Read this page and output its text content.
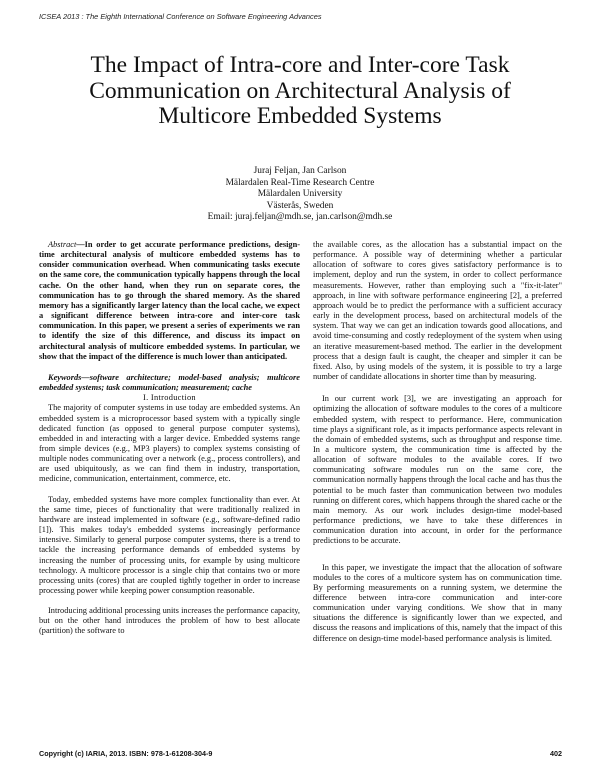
ICSEA 2013 : The Eighth International Conference on Software Engineering Advances
The Impact of Intra-core and Inter-core Task
Communication on Architectural Analysis of
Multicore Embedded Systems
Juraj Feljan, Jan Carlson
Mälardalen Real-Time Research Centre
Mälardalen University
Västerås, Sweden
Email: juraj.feljan@mdh.se, jan.carlson@mdh.se

Abstract—In order to get accurate performance predictions, design-time architectural analysis of multicore embedded systems has to consider communication overhead. When communicating tasks execute on the same core, the communication typically happens through the local cache. On the other hand, when they run on separate cores, the communication has to go through the shared memory. As the shared memory has a significantly larger latency than the local cache, we expect a significant difference between intra-core and inter-core task communication. In this paper, we present a series of experiments we ran to identify the size of this difference, and discuss its impact on architectural analysis of multicore embedded systems. In particular, we show that the impact of the difference is much lower than anticipated.

Keywords—software architecture; model-based analysis; multicore embedded systems; task communication; measurement; cache

I. Introduction

The majority of computer systems in use today are embedded systems. An embedded system is a microprocessor based system with a typically single dedicated function (as opposed to general purpose computer systems), embedded in and interacting with a larger device. Embedded systems range from simple devices (e.g., MP3 players) to complex systems consisting of multiple nodes communicating over a network (e.g., process controllers), and are used ubiquitously, as we can find them in industry, transportation, medicine, communication, entertainment, commerce, etc.

Today, embedded systems have more complex functionality than ever. At the same time, pieces of functionality that were traditionally realized in hardware are instead implemented in software (e.g., software-defined radio [1]). This makes today's embedded systems increasingly performance intensive. Similarly to general purpose computer systems, there is a trend to tackle the increasing performance demands of embedded systems by increasing the number of processing units, for example by using multicore technology. A multicore processor is a single chip that contains two or more processing units (cores) that are coupled tightly together in order to increase processing power while keeping power consumption reasonable.

Introducing additional processing units increases the performance capacity, but on the other hand introduces the problem of how to best allocate (partition) the software to

the available cores, as the allocation has a substantial impact on the performance. A possible way of determining whether a particular allocation of software to cores gives satisfactory performance is to implement, deploy and run the system, in order to collect performance measurements. However, rather than employing such a "fix-it-later" approach, in line with software performance engineering [2], a preferred approach would be to predict the performance with a sufficient accuracy early in the development process, based on architectural models of the system. That way we can get an indication towards good allocations, and avoid time-consuming and costly redeployment of the system when using an iterative measurement-based method. The earlier in the development process that a design fault is caught, the cheaper and simpler it can be fixed. Also, by using models of the system, it is possible to try a large number of candidate allocations in shorter time than by measuring.

In our current work [3], we are investigating an approach for optimizing the allocation of software modules to the cores of a multicore embedded system, with respect to performance. Here, communication time plays a significant role, as it impacts performance aspects relevant in the domain of embedded systems, such as throughput and response time. In a multicore system, the communication time is affected by the allocation of software modules to the available cores. If two communicating software modules run on the same core, the communication normally happens through the local cache and has thus the potential to be much faster than communication between two modules running on different cores, which happens through the shared cache or the main memory. As our work includes design-time model-based performance predictions, we have to take these differences in communication duration into account, in order for the performance predictions to be accurate.

In this paper, we investigate the impact that the allocation of software modules to the cores of a multicore system has on communication time. By performing measurements on a running system, we determine the difference between intra-core communication and inter-core communication under varying conditions. We show that in many situations the difference is significantly lower than we expected, and discuss the reasons and implications of this, namely that the impact of this difference on design-time model-based performance analysis is limited.

Copyright (c) IARIA, 2013. ISBN: 978-1-61208-304-9	402
